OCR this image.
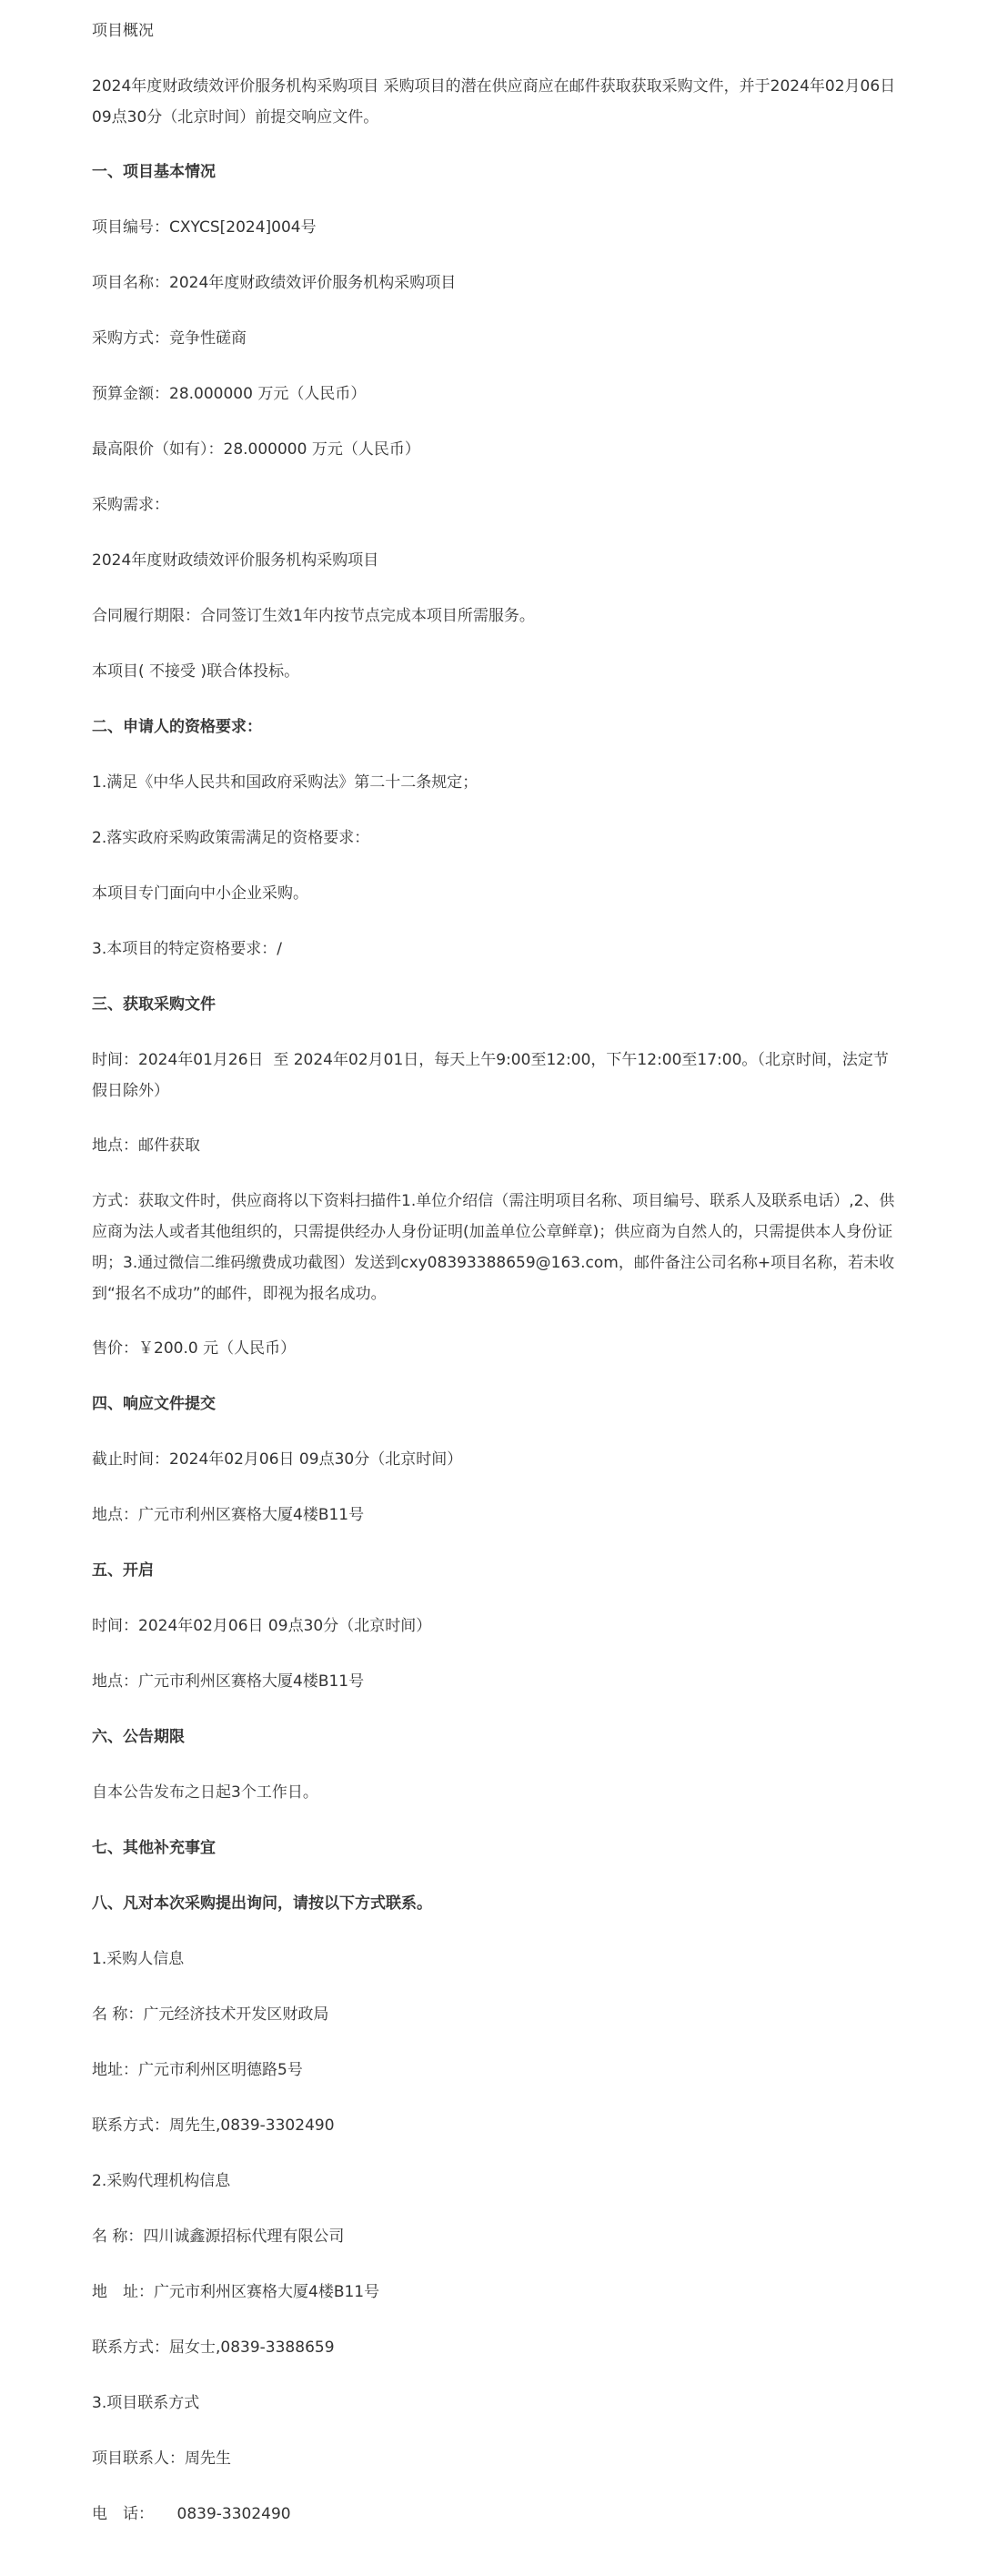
项目概况

2024年度财政绩效评价服务机构采购项目 采购项目的潜在供应商应在邮件获取获取采购文件，并于2024年02月06日 09点30分（北京时间）前提交响应文件。

一、项目基本情况

项目编号：CXYCS[2024]004号

项目名称：2024年度财政绩效评价服务机构采购项目

采购方式：竞争性磋商

预算金额：28.000000 万元（人民币）

最高限价（如有）：28.000000 万元（人民币）

采购需求：

2024年度财政绩效评价服务机构采购项目

合同履行期限：合同签订生效1年内按节点完成本项目所需服务。

本项目( 不接受 )联合体投标。

二、申请人的资格要求：

1.满足《中华人民共和国政府采购法》第二十二条规定；

2.落实政府采购政策需满足的资格要求：

本项目专门面向中小企业采购。

3.本项目的特定资格要求：/

三、获取采购文件

时间：2024年01月26日  至 2024年02月01日，每天上午9:00至12:00，下午12:00至17:00。（北京时间，法定节假日除外）

地点：邮件获取

方式：获取文件时，供应商将以下资料扫描件1.单位介绍信（需注明项目名称、项目编号、联系人及联系电话）,2、供应商为法人或者其他组织的，只需提供经办人身份证明(加盖单位公章鲜章)；供应商为自然人的，只需提供本人身份证明；3.通过微信二维码缴费成功截图）发送到cxy08393388659@163.com，邮件备注公司名称+项目名称，若未收到“报名不成功”的邮件，即视为报名成功。

售价：￥200.0 元（人民币）

四、响应文件提交

截止时间：2024年02月06日 09点30分（北京时间）

地点：广元市利州区赛格大厦4楼B11号

五、开启

时间：2024年02月06日 09点30分（北京时间）

地点：广元市利州区赛格大厦4楼B11号

六、公告期限

自本公告发布之日起3个工作日。

七、其他补充事宜

八、凡对本次采购提出询问，请按以下方式联系。

1.采购人信息

名 称：广元经济技术开发区财政局

地址：广元市利州区明德路5号

联系方式：周先生,0839-3302490

2.采购代理机构信息

名 称：四川诚鑫源招标代理有限公司

地　址：广元市利州区赛格大厦4楼B11号

联系方式：屈女士,0839-3388659

3.项目联系方式

项目联系人：周先生

电　话：　　0839-3302490
